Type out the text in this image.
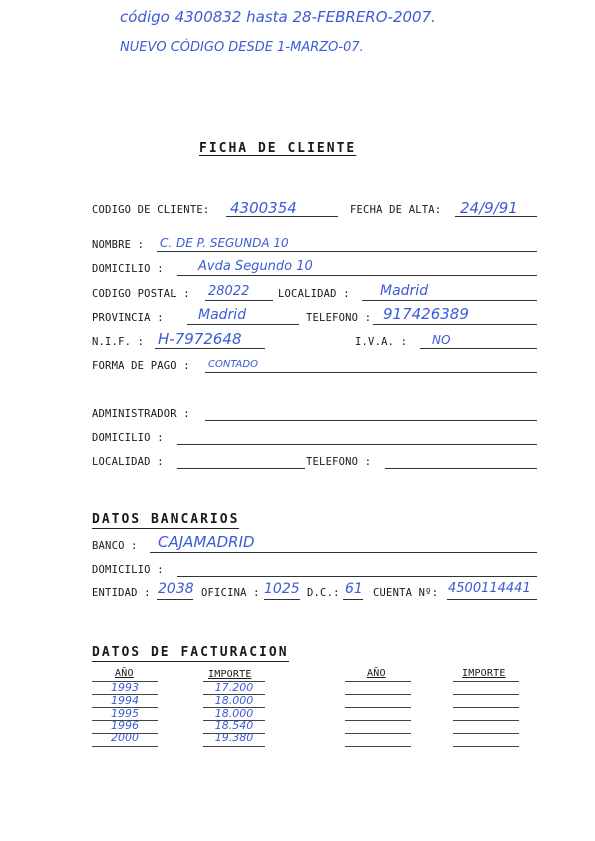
código 4300832 hasta 28-FEBRERO-2007.
NUEVO CÓDIGO DESDE 1-MARZO-07.
FICHA DE CLIENTE
CODIGO DE CLIENTE: 4300354	FECHA DE ALTA: 24/9/91
NOMBRE : C. DE P. SEGUNDA 10
DOMICILIO :	Avda Segundo 10
CODIGO POSTAL : 28022	LOCALIDAD : Madrid
PROVINCIA : Madrid	TELEFONO : 917426389
N.I.F. : H-7972648	I.V.A. : NO
FORMA DE PAGO : CONTADO
ADMINISTRADOR :
DOMICILIO :
LOCALIDAD :	TELEFONO :
DATOS BANCARIOS
BANCO : CAJAMADRID
DOMICILIO :
ENTIDAD : 2038 OFICINA : 1025 D.C.: 61 CUENTA Nº: 4500114441
DATOS DE FACTURACION
AÑO	IMPORTE	AÑO	IMPORTE
1993	17.200
1994	18.000
1995	18.000
1996	18.540
2000	19.380
